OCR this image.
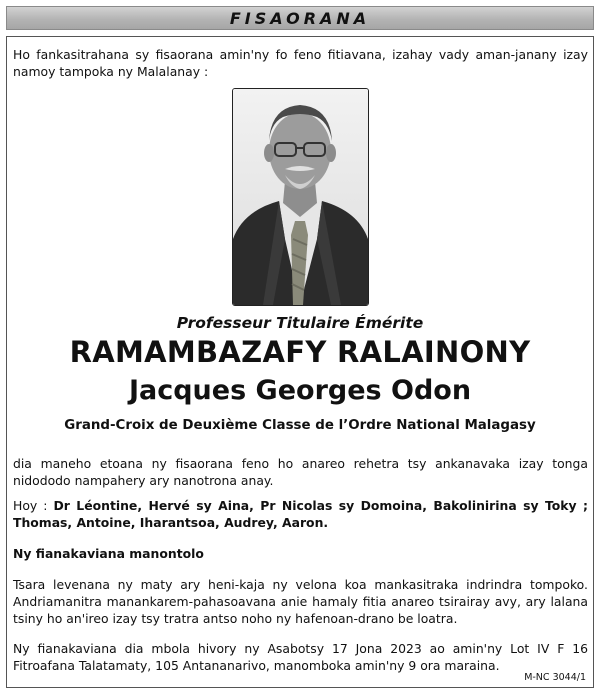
FISAORANA
Ho fankasitrahana sy fisaorana amin'ny fo feno fitiavana, izahay vady aman-janany izay namoy tampoka ny Malalanay :
Professeur Titulaire Émérite
RAMAMBAZAFY RALAINONY
Jacques Georges Odon
Grand-Croix de Deuxième Classe de l’Ordre National Malagasy
dia maneho etoana ny fisaorana feno ho anareo rehetra tsy ankanavaka izay tonga nidododo nampahery ary nanotrona anay.
Hoy : Dr Léontine, Hervé sy Aina, Pr Nicolas sy Domoina, Bakolinirina sy Toky ; Thomas, Antoine, Iharantsoa, Audrey, Aaron.
Ny fianakaviana manontolo
Tsara levenana ny maty ary heni-kaja ny velona koa mankasitraka indrindra tompoko. Andriamanitra manankarem-pahasoavana anie hamaly fitia anareo tsirairay avy, ary lalana tsiny ho an'ireo izay tsy tratra antso noho ny hafenoan-drano be loatra.
Ny fianakaviana dia mbola hivory ny Asabotsy 17 Jona 2023 ao amin'ny Lot IV F 16 Fitroafana Talatamaty, 105 Antananarivo, manomboka amin'ny 9 ora maraina.
M-NC 3044/1
